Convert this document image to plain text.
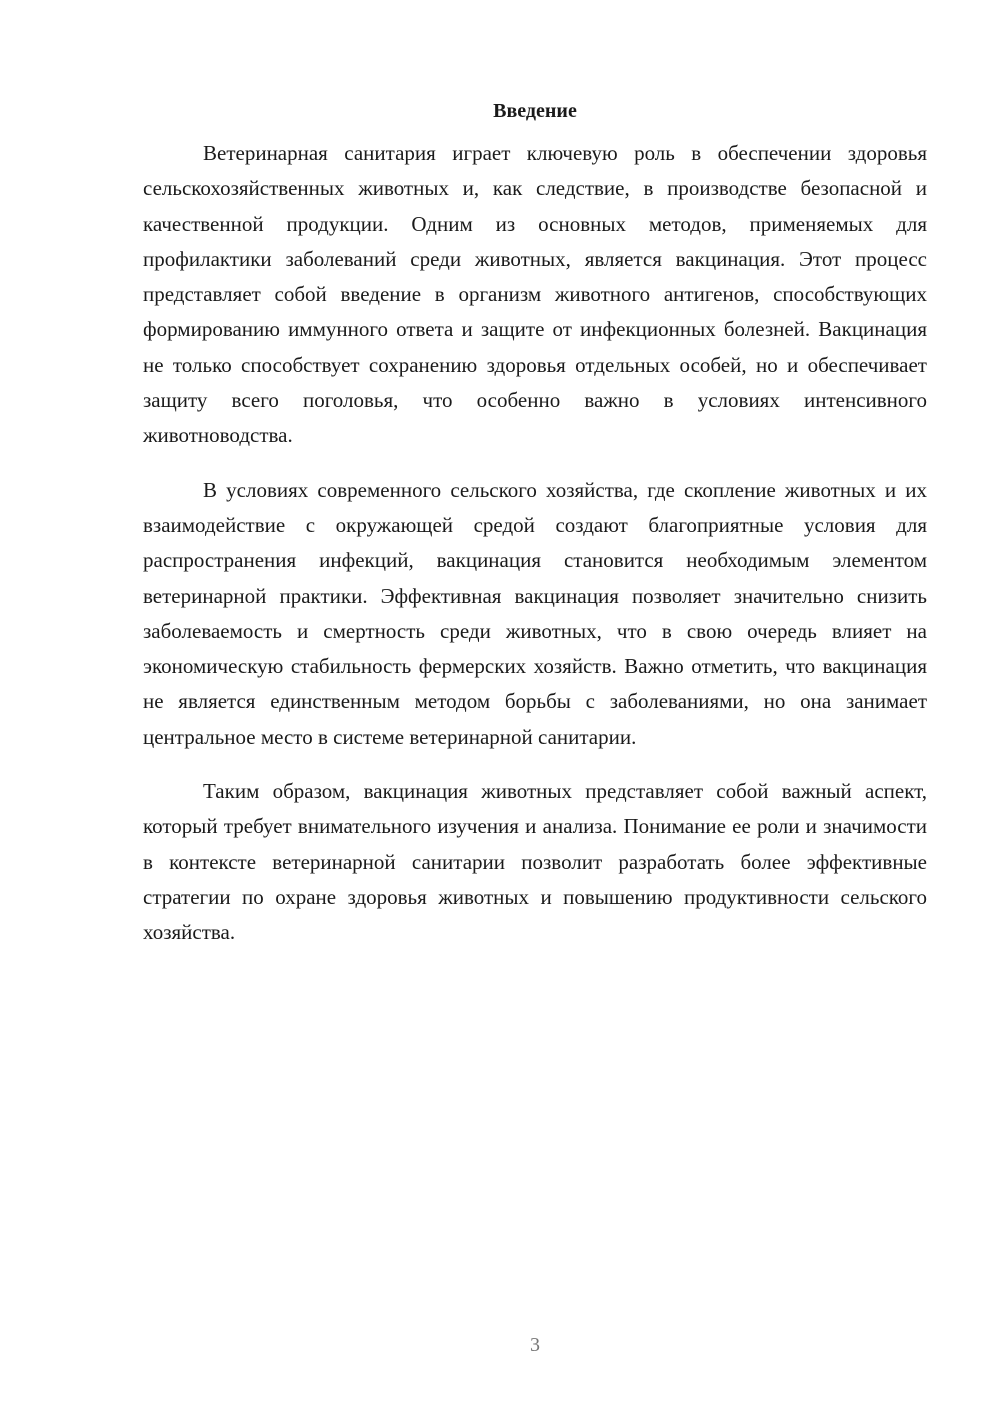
Введение

Ветеринарная санитария играет ключевую роль в обеспечении здоровья сельскохозяйственных животных и, как следствие, в производстве безопасной и качественной продукции. Одним из основных методов, применяемых для профилактики заболеваний среди животных, является вакцинация. Этот процесс представляет собой введение в организм животного антигенов, способствующих формированию иммунного ответа и защите от инфекционных болезней. Вакцинация не только способствует сохранению здоровья отдельных особей, но и обеспечивает защиту всего поголовья, что особенно важно в условиях интенсивного животноводства.

В условиях современного сельского хозяйства, где скопление животных и их взаимодействие с окружающей средой создают благоприятные условия для распространения инфекций, вакцинация становится необходимым элементом ветеринарной практики. Эффективная вакцинация позволяет значительно снизить заболеваемость и смертность среди животных, что в свою очередь влияет на экономическую стабильность фермерских хозяйств. Важно отметить, что вакцинация не является единственным методом борьбы с заболеваниями, но она занимает центральное место в системе ветеринарной санитарии.

Таким образом, вакцинация животных представляет собой важный аспект, который требует внимательного изучения и анализа. Понимание ее роли и значимости в контексте ветеринарной санитарии позволит разработать более эффективные стратегии по охране здоровья животных и повышению продуктивности сельского хозяйства.

3
